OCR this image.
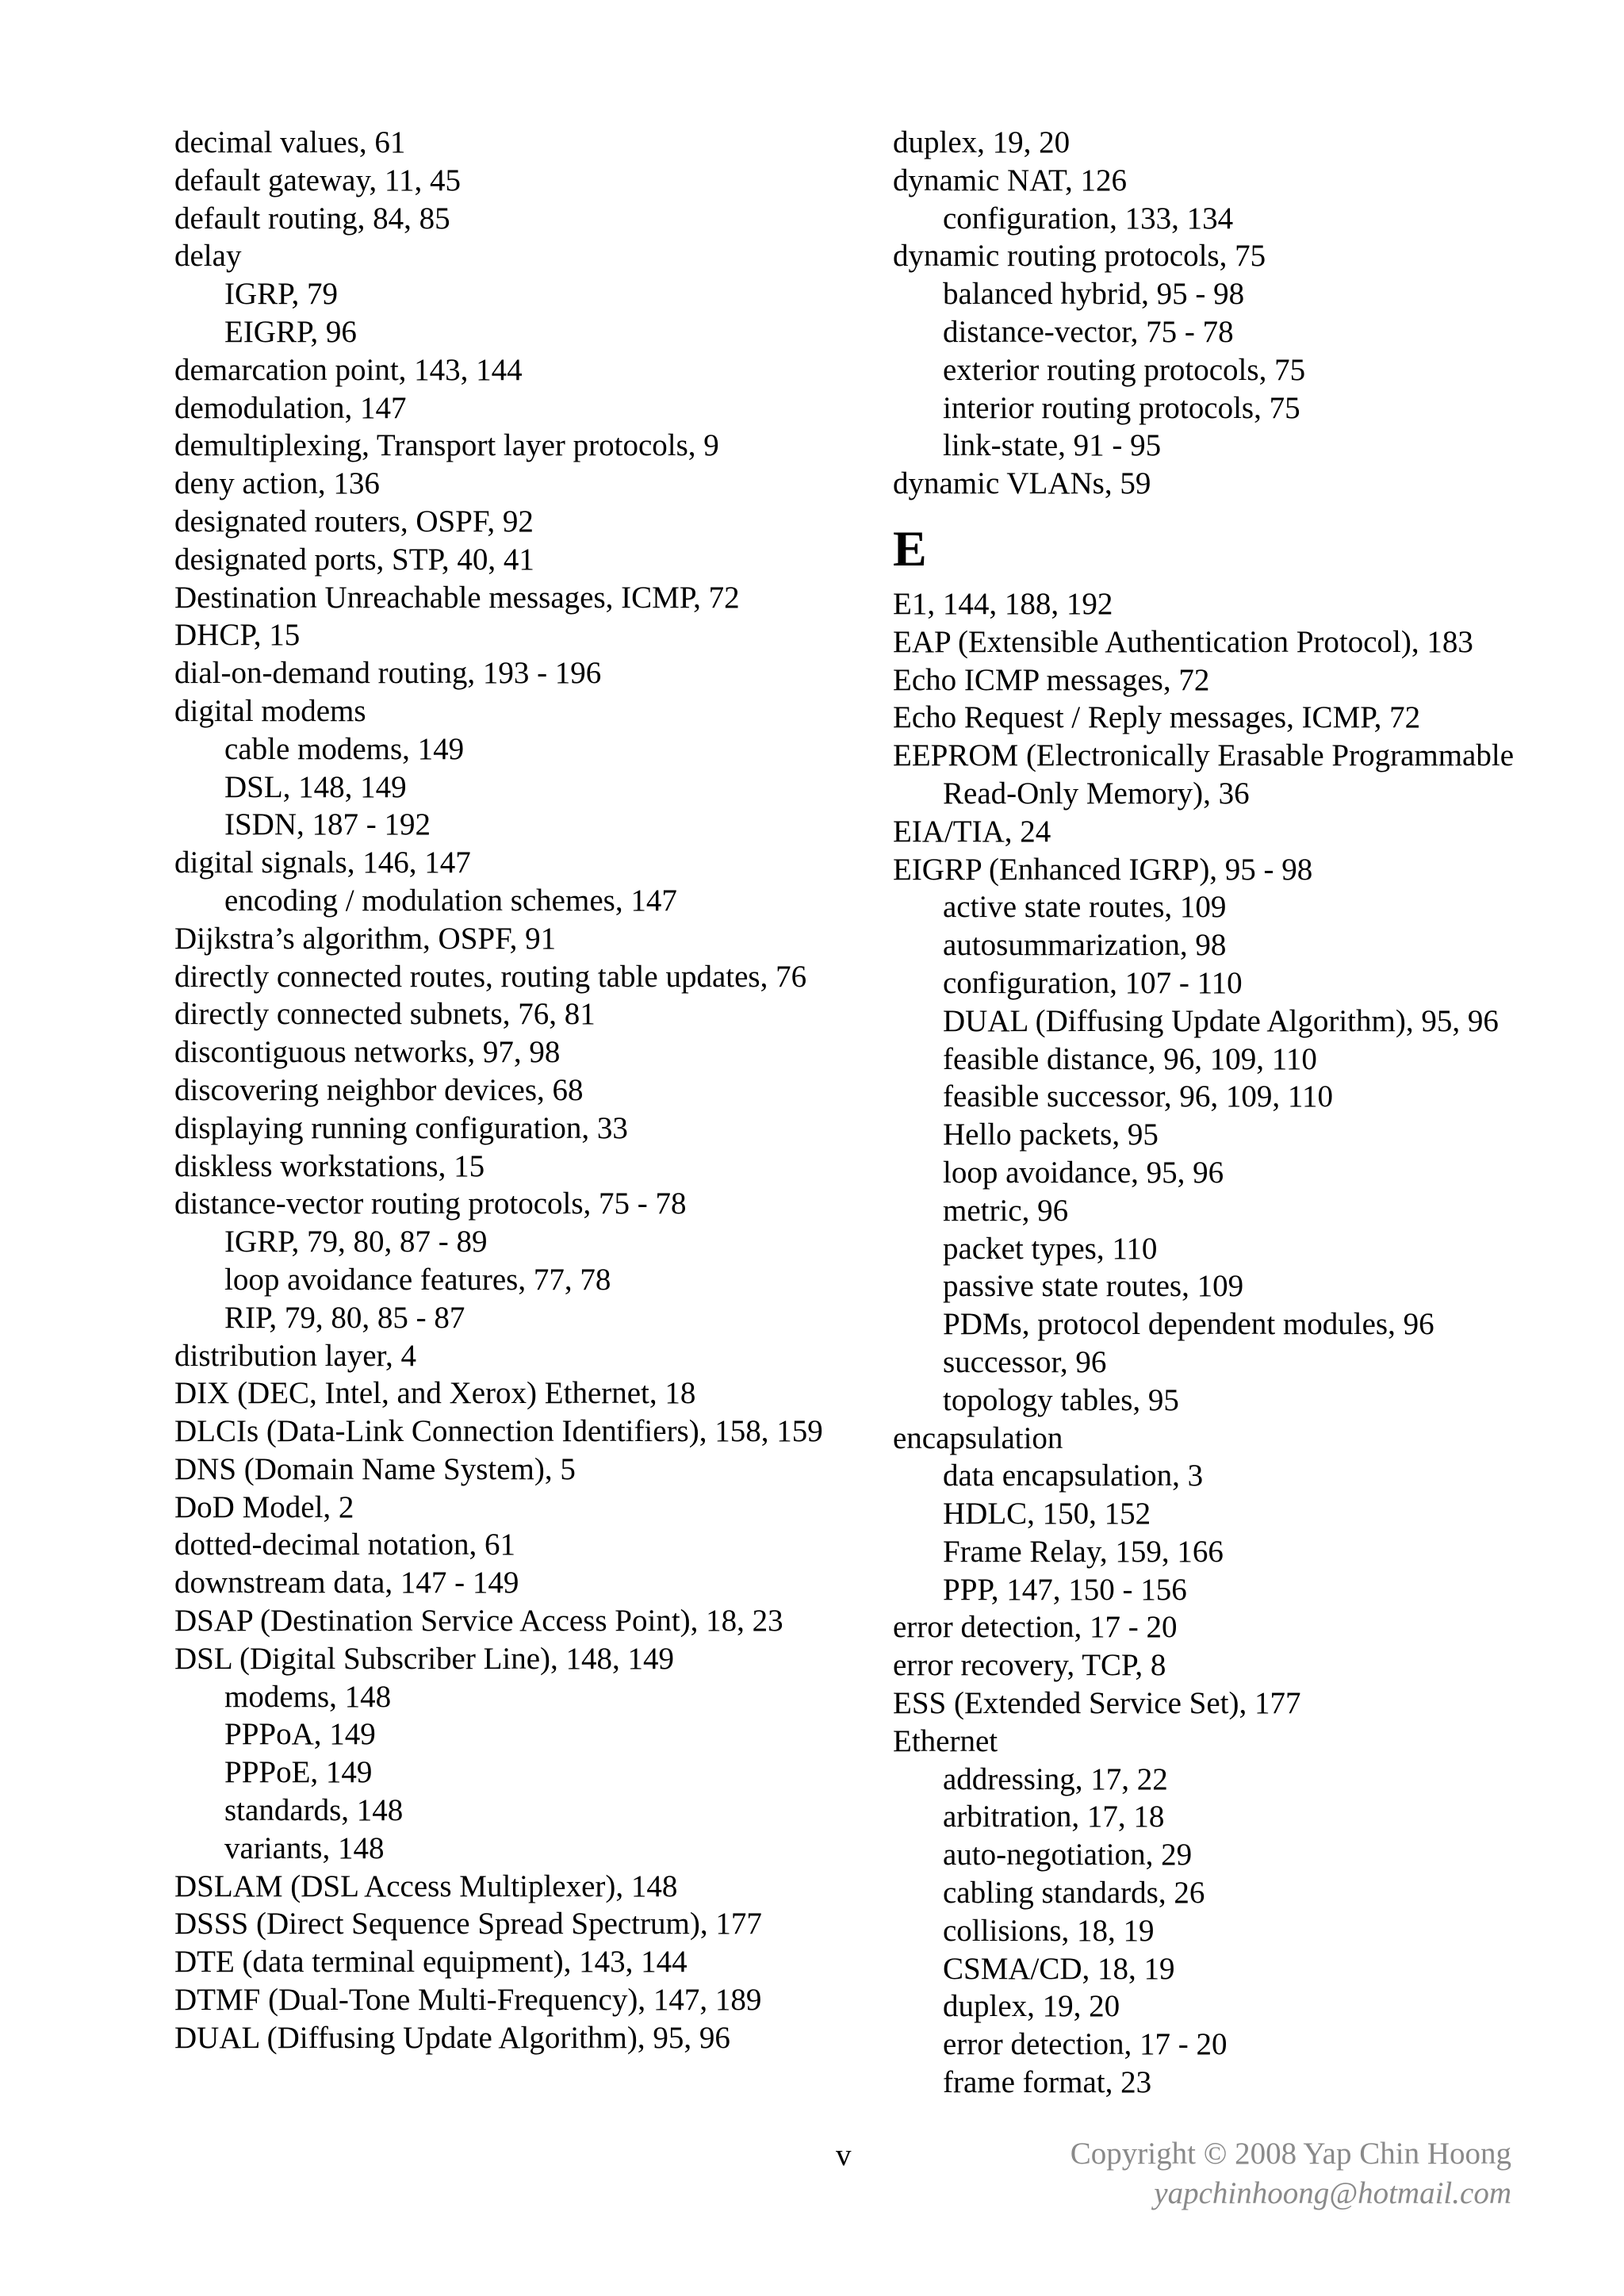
decimal values, 61
default gateway, 11, 45
default routing, 84, 85
delay
IGRP, 79
EIGRP, 96
demarcation point, 143, 144
demodulation, 147
demultiplexing, Transport layer protocols, 9
deny action, 136
designated routers, OSPF, 92
designated ports, STP, 40, 41
Destination Unreachable messages, ICMP, 72
DHCP, 15
dial-on-demand routing, 193 - 196
digital modems
cable modems, 149
DSL, 148, 149
ISDN, 187 - 192
digital signals, 146, 147
encoding / modulation schemes, 147
Dijkstra’s algorithm, OSPF, 91
directly connected routes, routing table updates, 76
directly connected subnets, 76, 81
discontiguous networks, 97, 98
discovering neighbor devices, 68
displaying running configuration, 33
diskless workstations, 15
distance-vector routing protocols, 75 - 78
IGRP, 79, 80, 87 - 89
loop avoidance features, 77, 78
RIP, 79, 80, 85 - 87
distribution layer, 4
DIX (DEC, Intel, and Xerox) Ethernet, 18
DLCIs (Data-Link Connection Identifiers), 158, 159
DNS (Domain Name System), 5
DoD Model, 2
dotted-decimal notation, 61
downstream data, 147 - 149
DSAP (Destination Service Access Point), 18, 23
DSL (Digital Subscriber Line), 148, 149
modems, 148
PPPoA, 149
PPPoE, 149
standards, 148
variants, 148
DSLAM (DSL Access Multiplexer), 148
DSSS (Direct Sequence Spread Spectrum), 177
DTE (data terminal equipment), 143, 144
DTMF (Dual-Tone Multi-Frequency), 147, 189
DUAL (Diffusing Update Algorithm), 95, 96
duplex, 19, 20
dynamic NAT, 126
configuration, 133, 134
dynamic routing protocols, 75
balanced hybrid, 95 - 98
distance-vector, 75 - 78
exterior routing protocols, 75
interior routing protocols, 75
link-state, 91 - 95
dynamic VLANs, 59
E
E1, 144, 188, 192
EAP (Extensible Authentication Protocol), 183
Echo ICMP messages, 72
Echo Request / Reply messages, ICMP, 72
EEPROM (Electronically Erasable Programmable Read-Only Memory), 36
EIA/TIA, 24
EIGRP (Enhanced IGRP), 95 - 98
active state routes, 109
autosummarization, 98
configuration, 107 - 110
DUAL (Diffusing Update Algorithm), 95, 96
feasible distance, 96, 109, 110
feasible successor, 96, 109, 110
Hello packets, 95
loop avoidance, 95, 96
metric, 96
packet types, 110
passive state routes, 109
PDMs, protocol dependent modules, 96
successor, 96
topology tables, 95
encapsulation
data encapsulation, 3
HDLC, 150, 152
Frame Relay, 159, 166
PPP, 147, 150 - 156
error detection, 17 - 20
error recovery, TCP, 8
ESS (Extended Service Set), 177
Ethernet
addressing, 17, 22
arbitration, 17, 18
auto-negotiation, 29
cabling standards, 26
collisions, 18, 19
CSMA/CD, 18, 19
duplex, 19, 20
error detection, 17 - 20
frame format, 23
v	Copyright © 2008 Yap Chin Hoong
yapchinhoong@hotmail.com
